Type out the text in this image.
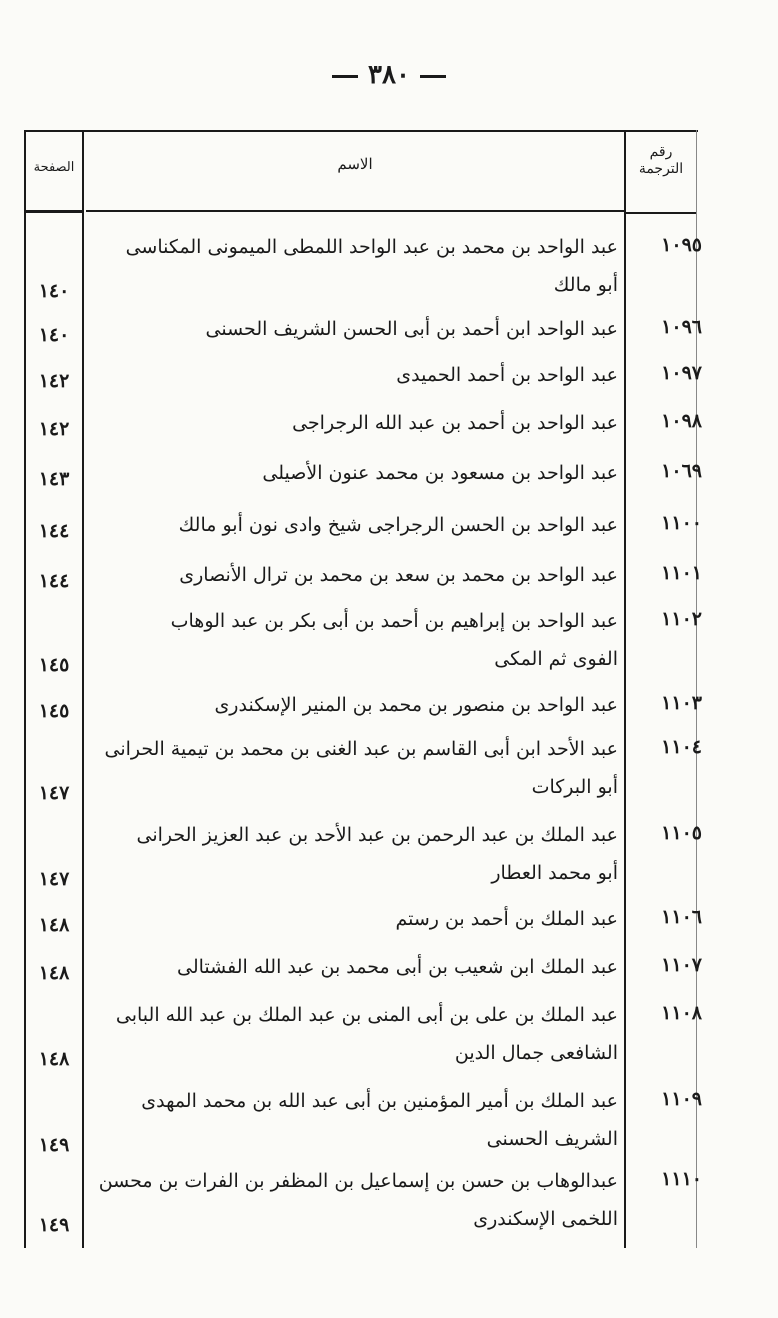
٣٨٠
رقم الترجمة
الاسم
الصفحة
١٠٩٥
عبد الواحد بن محمد بن عبد الواحد اللمطى الميمونى المكناسى
أبو مالك
١٤٠
١٠٩٦
عبد الواحد ابن أحمد بن أبى الحسن الشريف الحسنى
١٤٠
١٠٩٧
عبد الواحد بن أحمد الحميدى
١٤٢
١٠٩٨
عبد الواحد بن أحمد بن عبد الله الرجراجى
١٤٢
١٠٦٩
عبد الواحد بن مسعود بن محمد عنون الأصيلى
١٤٣
١١٠٠
عبد الواحد بن الحسن الرجراجى شيخ وادى نون أبو مالك
١٤٤
١١٠١
عبد الواحد بن محمد بن سعد بن محمد بن ترال الأنصارى
١٤٤
١١٠٢
عبد الواحد بن إبراهيم بن أحمد بن أبى بكر بن عبد الوهاب
الفوى ثم المكى
١٤٥
١١٠٣
عبد الواحد بن منصور بن محمد بن المنير الإسكندرى
١٤٥
١١٠٤
عبد الأحد ابن أبى القاسم بن عبد الغنى بن محمد بن تيمية الحرانى
أبو البركات
١٤٧
١١٠٥
عبد الملك بن عبد الرحمن بن عبد الأحد بن عبد العزيز الحرانى
أبو محمد العطار
١٤٧
١١٠٦
عبد الملك بن أحمد بن رستم
١٤٨
١١٠٧
عبد الملك ابن شعيب بن أبى محمد بن عبد الله الفشتالى
١٤٨
١١٠٨
عبد الملك بن على بن أبى المنى بن عبد الملك بن عبد الله البابى
الشافعى جمال الدين
١٤٨
١١٠٩
عبد الملك بن أمير المؤمنين بن أبى عبد الله بن محمد المهدى
الشريف الحسنى
١٤٩
١١١٠
عبدالوهاب بن حسن بن إسماعيل بن المظفر بن الفرات بن محسن
اللخمى الإسكندرى
١٤٩
